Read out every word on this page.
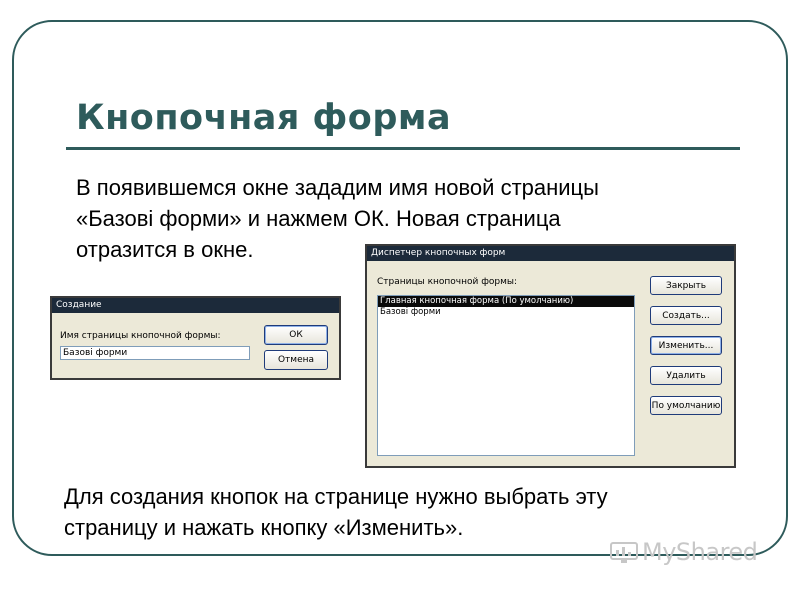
Кнопочная форма

В появившемся окне зададим имя новой страницы
«Базові форми» и нажмем ОК. Новая страница
отразится в окне.

Создание
Имя страницы кнопочной формы:
Базові форми
ОК
Отмена
Диспетчер кнопочных форм
Страницы кнопочной формы:
Главная кнопочная форма (По умолчанию)
Базові форми
Закрыть
Создать...
Изменить...
Удалить
По умолчанию

Для создания кнопок на странице нужно выбрать эту
страницу и нажать кнопку «Изменить».

MyShared
